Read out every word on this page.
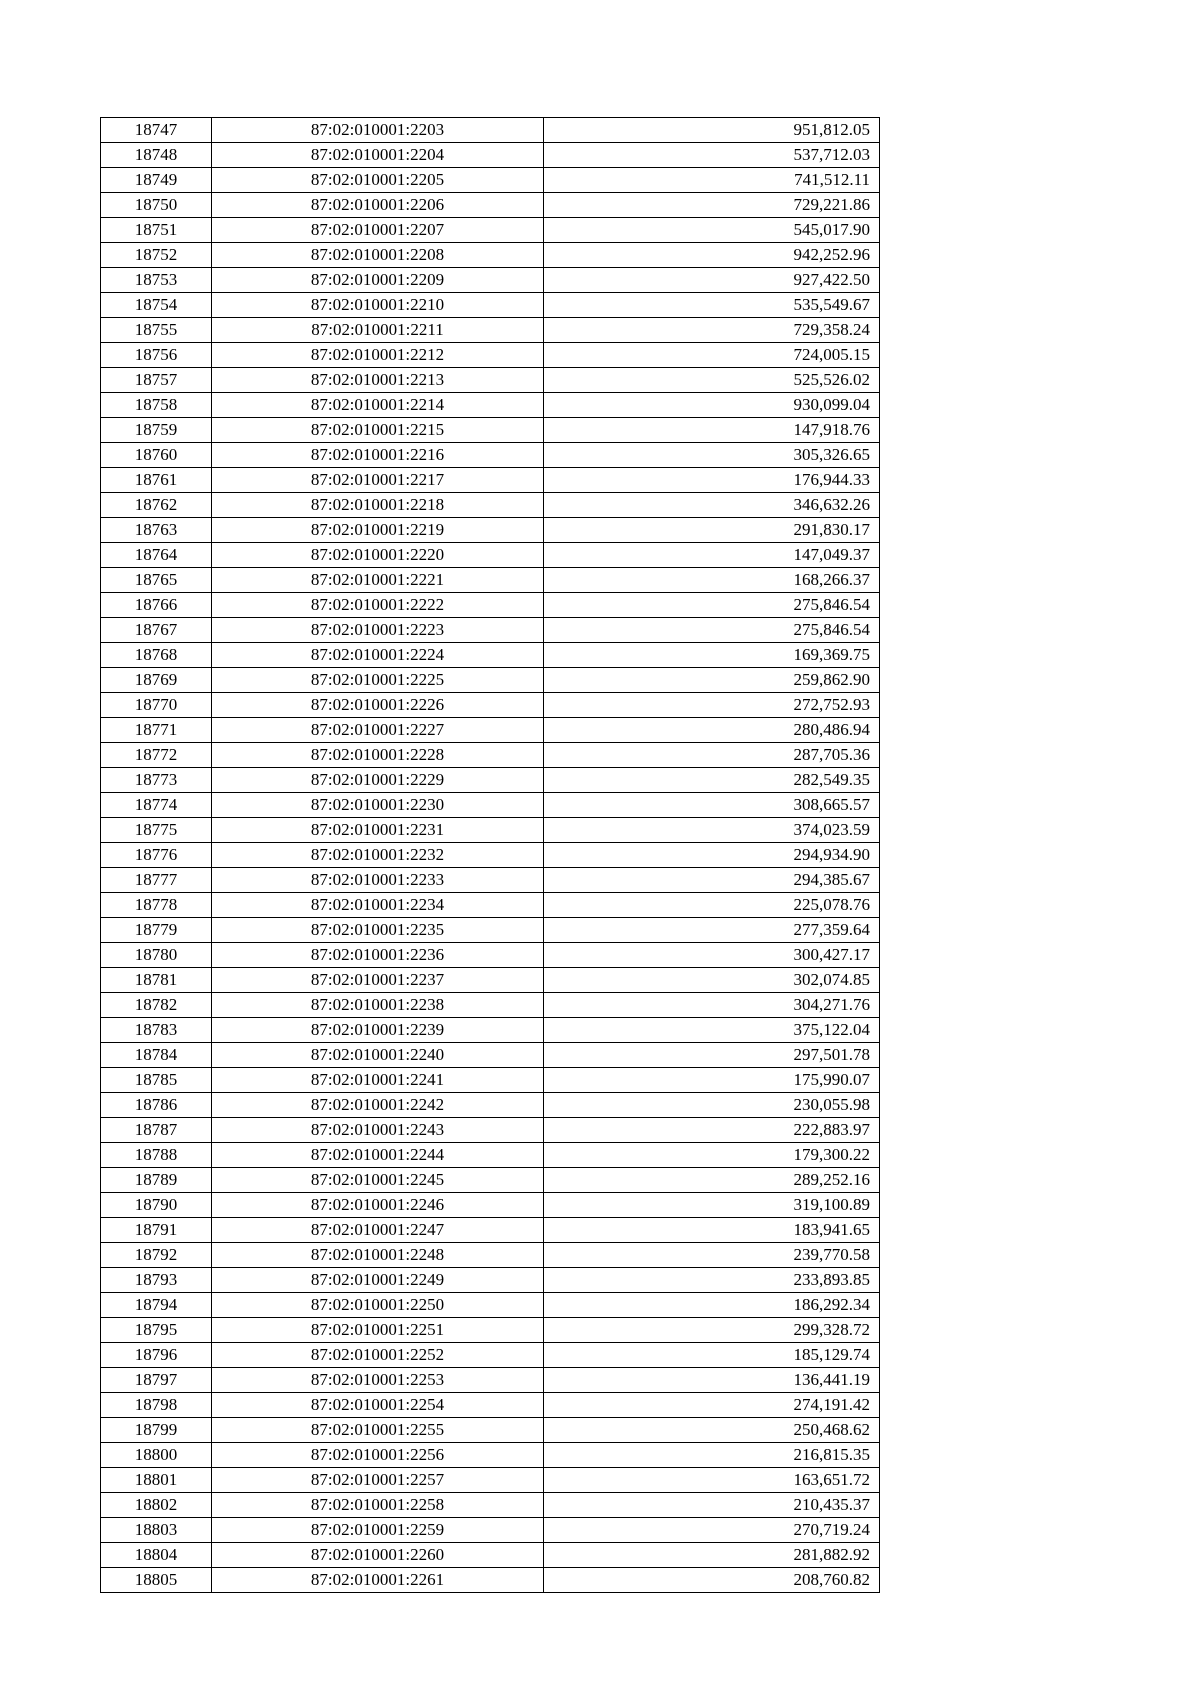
18747	87:02:010001:2203	951,812.05
18748	87:02:010001:2204	537,712.03
18749	87:02:010001:2205	741,512.11
18750	87:02:010001:2206	729,221.86
18751	87:02:010001:2207	545,017.90
18752	87:02:010001:2208	942,252.96
18753	87:02:010001:2209	927,422.50
18754	87:02:010001:2210	535,549.67
18755	87:02:010001:2211	729,358.24
18756	87:02:010001:2212	724,005.15
18757	87:02:010001:2213	525,526.02
18758	87:02:010001:2214	930,099.04
18759	87:02:010001:2215	147,918.76
18760	87:02:010001:2216	305,326.65
18761	87:02:010001:2217	176,944.33
18762	87:02:010001:2218	346,632.26
18763	87:02:010001:2219	291,830.17
18764	87:02:010001:2220	147,049.37
18765	87:02:010001:2221	168,266.37
18766	87:02:010001:2222	275,846.54
18767	87:02:010001:2223	275,846.54
18768	87:02:010001:2224	169,369.75
18769	87:02:010001:2225	259,862.90
18770	87:02:010001:2226	272,752.93
18771	87:02:010001:2227	280,486.94
18772	87:02:010001:2228	287,705.36
18773	87:02:010001:2229	282,549.35
18774	87:02:010001:2230	308,665.57
18775	87:02:010001:2231	374,023.59
18776	87:02:010001:2232	294,934.90
18777	87:02:010001:2233	294,385.67
18778	87:02:010001:2234	225,078.76
18779	87:02:010001:2235	277,359.64
18780	87:02:010001:2236	300,427.17
18781	87:02:010001:2237	302,074.85
18782	87:02:010001:2238	304,271.76
18783	87:02:010001:2239	375,122.04
18784	87:02:010001:2240	297,501.78
18785	87:02:010001:2241	175,990.07
18786	87:02:010001:2242	230,055.98
18787	87:02:010001:2243	222,883.97
18788	87:02:010001:2244	179,300.22
18789	87:02:010001:2245	289,252.16
18790	87:02:010001:2246	319,100.89
18791	87:02:010001:2247	183,941.65
18792	87:02:010001:2248	239,770.58
18793	87:02:010001:2249	233,893.85
18794	87:02:010001:2250	186,292.34
18795	87:02:010001:2251	299,328.72
18796	87:02:010001:2252	185,129.74
18797	87:02:010001:2253	136,441.19
18798	87:02:010001:2254	274,191.42
18799	87:02:010001:2255	250,468.62
18800	87:02:010001:2256	216,815.35
18801	87:02:010001:2257	163,651.72
18802	87:02:010001:2258	210,435.37
18803	87:02:010001:2259	270,719.24
18804	87:02:010001:2260	281,882.92
18805	87:02:010001:2261	208,760.82
